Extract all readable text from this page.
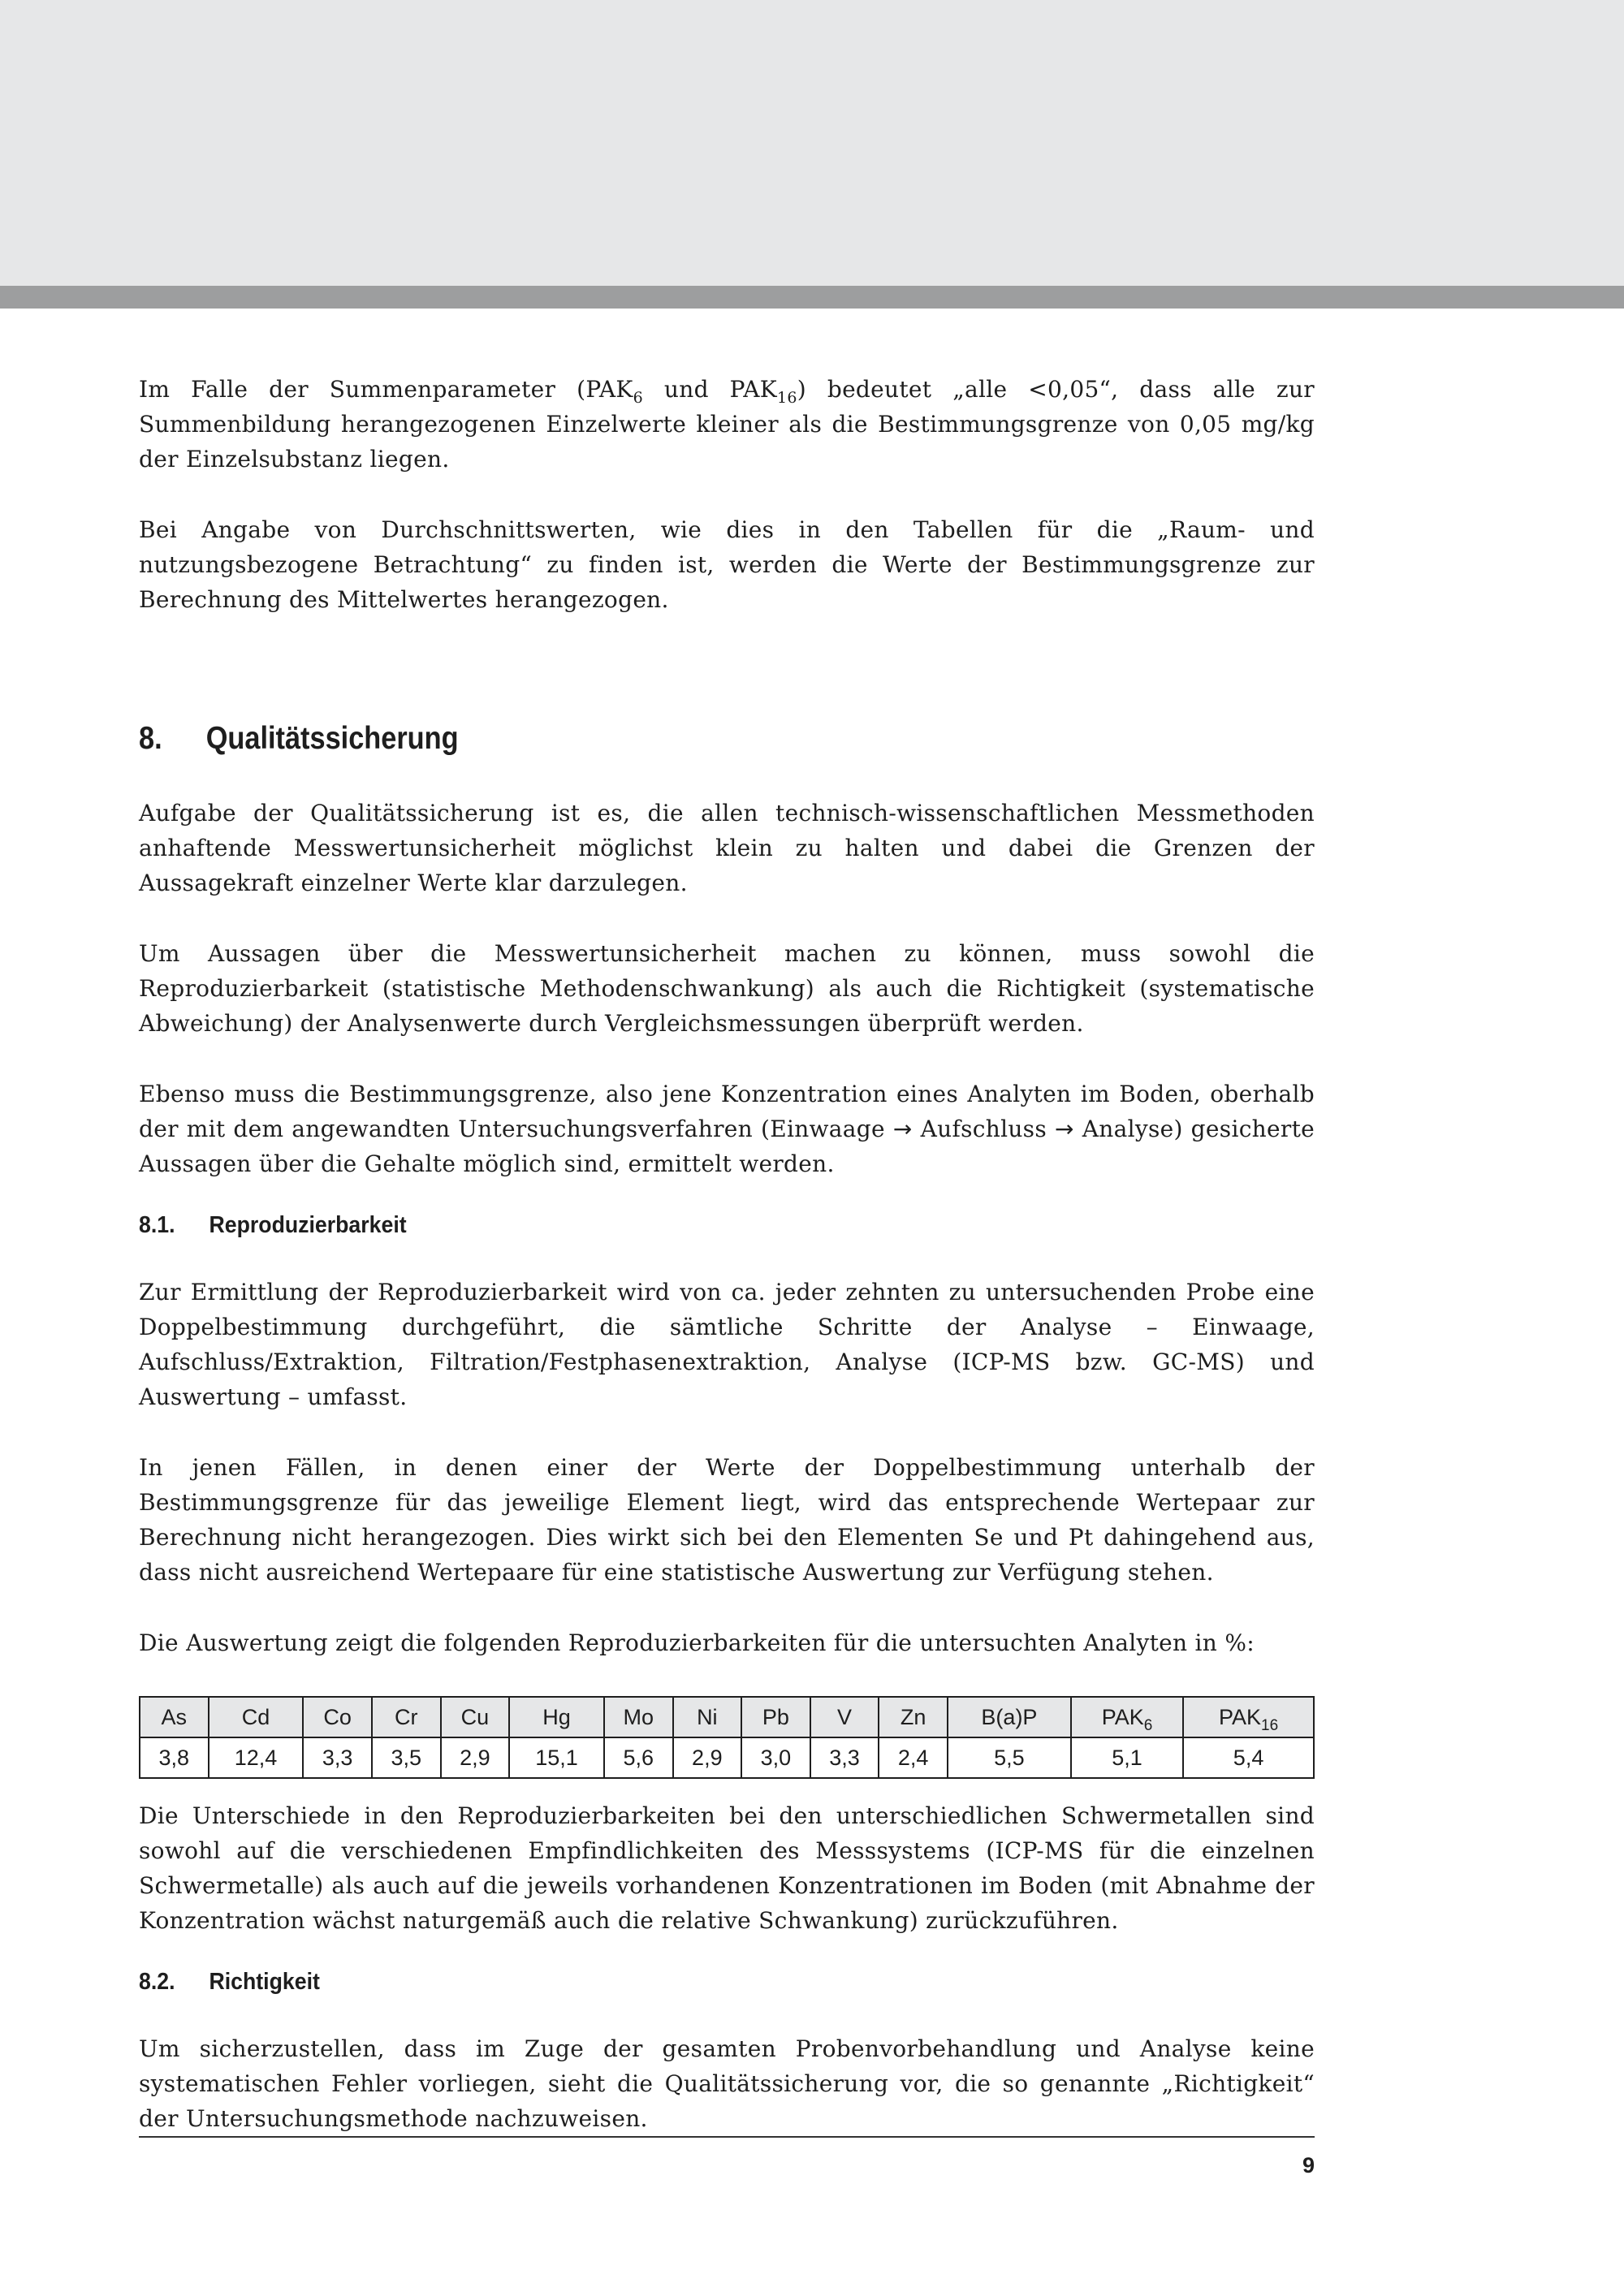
Im Falle der Summenparameter ($PAK_6$ und $PAK_{16}$) bedeutet „alle <0,05“, dass alle zur Summenbildung herangezogenen Einzelwerte kleiner als die Bestimmungsgrenze von 0,05 mg/kg der Einzelsubstanz liegen.

Bei Angabe von Durchschnittswerten, wie dies in den Tabellen für die „Raum- und nutzungsbezogene Betrachtung“ zu finden ist, werden die Werte der Bestimmungsgrenze zur Berechnung des Mittelwertes herangezogen.

8. Qualitätssicherung

Aufgabe der Qualitätssicherung ist es, die allen technisch-wissenschaftlichen Messmethoden anhaftende Messwertunsicherheit möglichst klein zu halten und dabei die Grenzen der Aussagekraft einzelner Werte klar darzulegen.

Um Aussagen über die Messwertunsicherheit machen zu können, muss sowohl die Reproduzierbarkeit (statistische Methodenschwankung) als auch die Richtigkeit (systematische Abweichung) der Analysenwerte durch Vergleichsmessungen überprüft werden.

Ebenso muss die Bestimmungsgrenze, also jene Konzentration eines Analyten im Boden, oberhalb der mit dem angewandten Untersuchungsverfahren (Einwaage → Aufschluss → Analyse) gesicherte Aussagen über die Gehalte möglich sind, ermittelt werden.

8.1. Reproduzierbarkeit

Zur Ermittlung der Reproduzierbarkeit wird von ca. jeder zehnten zu untersuchenden Probe eine Doppelbestimmung durchgeführt, die sämtliche Schritte der Analyse – Einwaage, Aufschluss/Extraktion, Filtration/Festphasenextraktion, Analyse (ICP-MS bzw. GC-MS) und Auswertung – umfasst.

In jenen Fällen, in denen einer der Werte der Doppelbestimmung unterhalb der Bestimmungsgrenze für das jeweilige Element liegt, wird das entsprechende Wertepaar zur Berechnung nicht herangezogen. Dies wirkt sich bei den Elementen Se und Pt dahingehend aus, dass nicht ausreichend Wertepaare für eine statistische Auswertung zur Verfügung stehen.

Die Auswertung zeigt die folgenden Reproduzierbarkeiten für die untersuchten Analyten in %:

As	Cd	Co	Cr	Cu	Hg	Mo	Ni	Pb	V	Zn	B(a)P	$PAK_6$	$PAK_{16}$
3,8	12,4	3,3	3,5	2,9	15,1	5,6	2,9	3,0	3,3	2,4	5,5	5,1	5,4

Die Unterschiede in den Reproduzierbarkeiten bei den unterschiedlichen Schwermetallen sind sowohl auf die verschiedenen Empfindlichkeiten des Messsystems (ICP-MS für die einzelnen Schwermetalle) als auch auf die jeweils vorhandenen Konzentrationen im Boden (mit Abnahme der Konzentration wächst naturgemäß auch die relative Schwankung) zurückzuführen.

8.2. Richtigkeit

Um sicherzustellen, dass im Zuge der gesamten Probenvorbehandlung und Analyse keine systematischen Fehler vorliegen, sieht die Qualitätssicherung vor, die so genannte „Richtigkeit“ der Untersuchungsmethode nachzuweisen.

9
